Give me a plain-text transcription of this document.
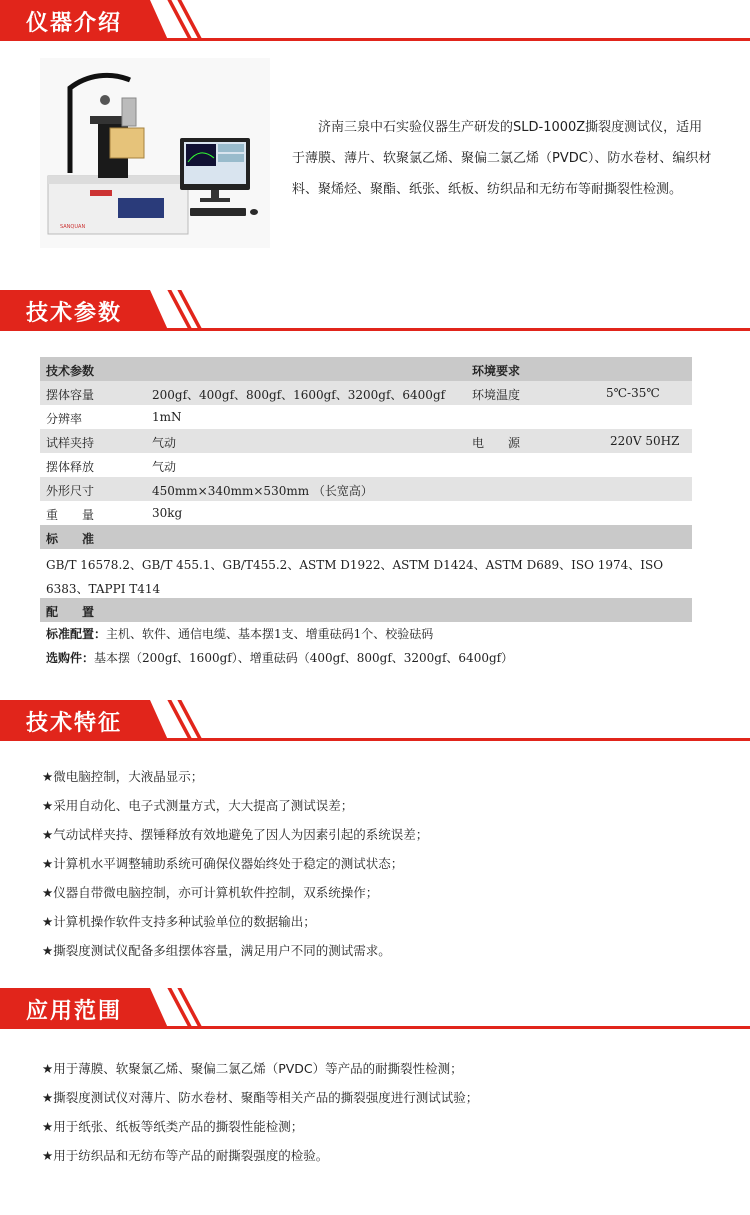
仪器介绍
SANQUAN
济南三泉中石实验仪器生产研发的SLD-1000Z撕裂度测试仪，适用于薄膜、薄片、软聚氯乙烯、聚偏二氯乙烯（PVDC）、防水卷材、编织材料、聚烯烃、聚酯、纸张、纸板、纺织品和无纺布等耐撕裂性检测。
技术参数
技术参数	环境要求
摆体容量	200gf、400gf、800gf、1600gf、3200gf、6400gf 环境温度	5℃-35℃
分辨率	1mN
试样夹持	气动	电　　源	220V 50HZ
摆体释放	气动
外形尺寸	450mm×340mm×530mm （长宽高）
重　　量	30kg
标　　准
GB/T 16578.2、GB/T 455.1、GB/T455.2、ASTM D1922、ASTM D1424、ASTM D689、ISO 1974、ISO 6383、TAPPI T414
配　　置
标准配置：主机、软件、通信电缆、基本摆1支、增重砝码1个、校验砝码
选购件：基本摆（200gf、1600gf）、增重砝码（400gf、800gf、3200gf、6400gf）
技术特征
★微电脑控制，大液晶显示；
★采用自动化、电子式测量方式，大大提高了测试误差；
★气动试样夹持、摆锤释放有效地避免了因人为因素引起的系统误差；
★计算机水平调整辅助系统可确保仪器始终处于稳定的测试状态；
★仪器自带微电脑控制，亦可计算机软件控制，双系统操作；
★计算机操作软件支持多种试验单位的数据输出；
★撕裂度测试仪配备多组摆体容量，满足用户不同的测试需求。
应用范围
★用于薄膜、软聚氯乙烯、聚偏二氯乙烯（PVDC）等产品的耐撕裂性检测；
★撕裂度测试仪对薄片、防水卷材、聚酯等相关产品的撕裂强度进行测试试验；
★用于纸张、纸板等纸类产品的撕裂性能检测；
★用于纺织品和无纺布等产品的耐撕裂强度的检验。
